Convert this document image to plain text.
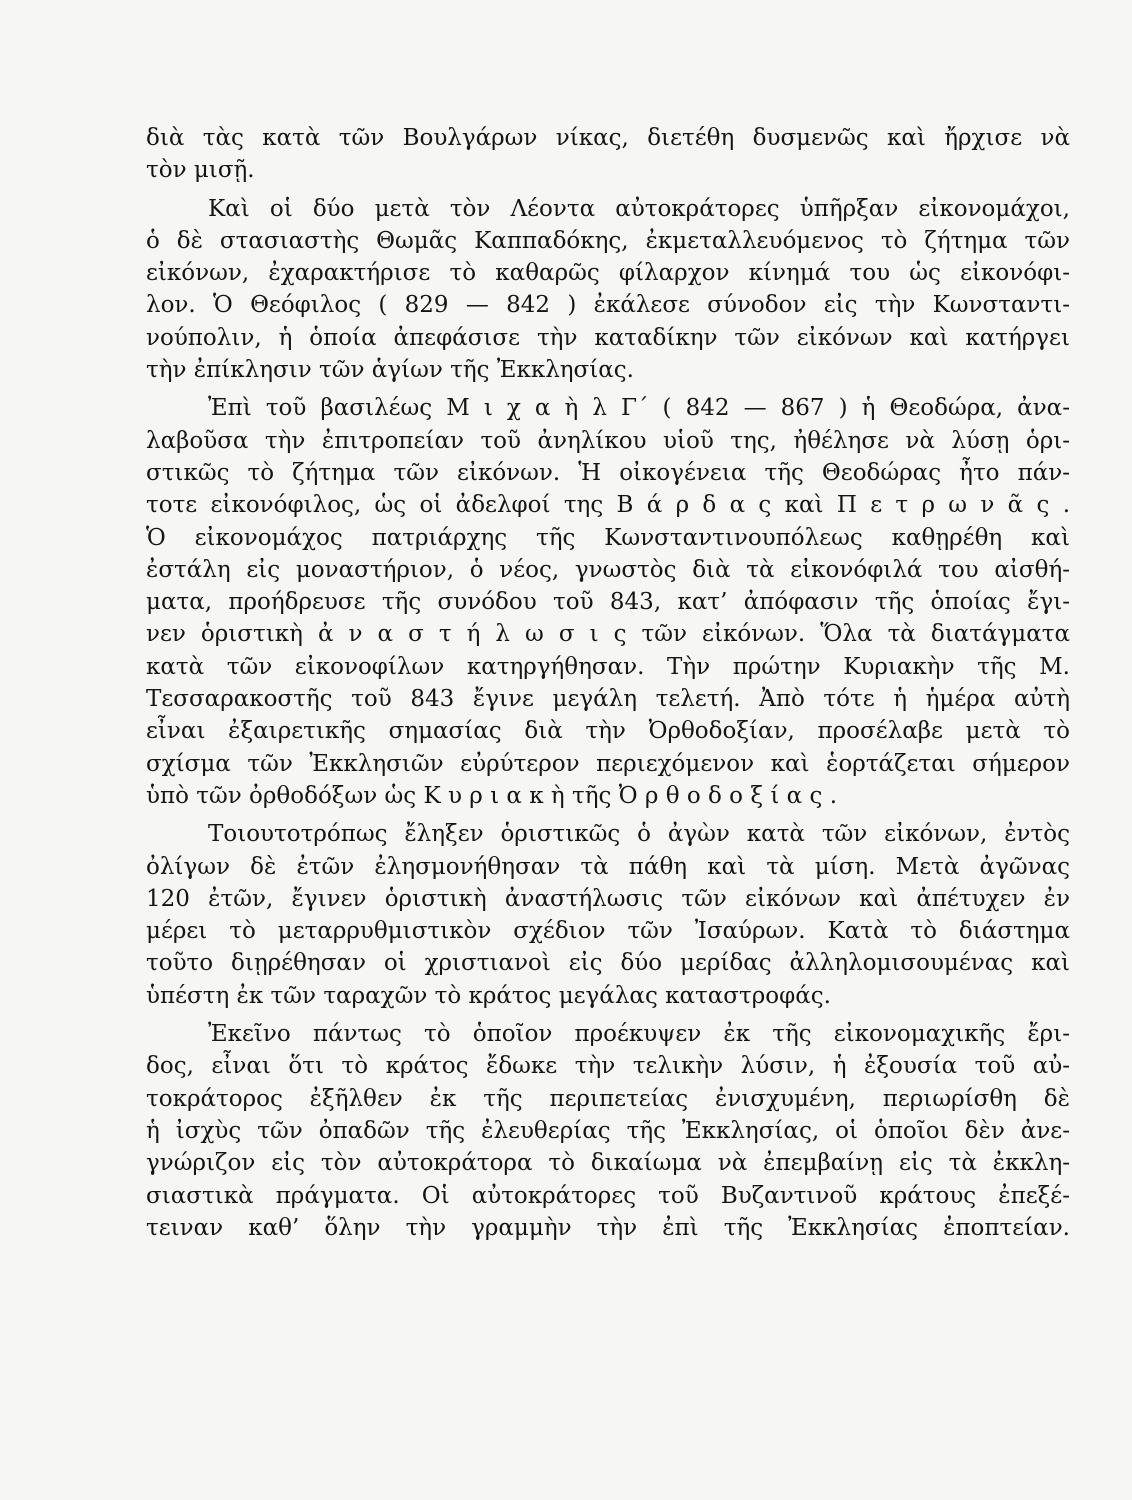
διὰ τὰς κατὰ τῶν Βουλγάρων νίκας, διετέθη δυσμενῶς καὶ ἤρχισε νὰ
τὸν μισῇ.
Καὶ οἱ δύο μετὰ τὸν Λέοντα αὐτοκράτορες ὑπῆρξαν εἰκονομάχοι,
ὁ δὲ στασιαστὴς Θωμᾶς Καππαδόκης, ἐκμεταλλευόμενος τὸ ζήτημα τῶν
εἰκόνων, ἐχαρακτήρισε τὸ καθαρῶς φίλαρχον κίνημά του ὡς εἰκονόφι-
λον. Ὁ Θεόφιλος ( 829 — 842 ) ἐκάλεσε σύνοδον εἰς τὴν Κωνσταντι-
νούπολιν, ἡ ὁποία ἀπεφάσισε τὴν καταδίκην τῶν εἰκόνων καὶ κατήργει
τὴν ἐπίκλησιν τῶν ἁγίων τῆς Ἐκκλησίας.
Ἐπὶ τοῦ βασιλέως Μ ι χ α ὴ λ Γ΄ ( 842 — 867 ) ἡ Θεοδώρα, ἀνα-
λαβοῦσα τὴν ἐπιτροπείαν τοῦ ἀνηλίκου υἱοῦ της, ἠθέλησε νὰ λύσῃ ὁρι-
στικῶς τὸ ζήτημα τῶν εἰκόνων. Ἡ οἰκογένεια τῆς Θεοδώρας ἦτο πάν-
τοτε εἰκονόφιλος, ὡς οἱ ἀδελφοί της Β ά ρ δ α ς καὶ Π ε τ ρ ω ν ᾶ ς .
Ὁ εἰκονομάχος πατριάρχης τῆς Κωνσταντινουπόλεως καθῃρέθη καὶ
ἐστάλη εἰς μοναστήριον, ὁ νέος, γνωστὸς διὰ τὰ εἰκονόφιλά του αἰσθή-
ματα, προήδρευσε τῆς συνόδου τοῦ 843, κατ’ ἀπόφασιν τῆς ὁποίας ἔγι-
νεν ὁριστικὴ ἀ ν α σ τ ή λ ω σ ι ς τῶν εἰκόνων. Ὅλα τὰ διατάγματα
κατὰ τῶν εἰκονοφίλων κατηργήθησαν. Τὴν πρώτην Κυριακὴν τῆς Μ.
Τεσσαρακοστῆς τοῦ 843 ἔγινε μεγάλη τελετή. Ἀπὸ τότε ἡ ἡμέρα αὐτὴ
εἶναι ἐξαιρετικῆς σημασίας διὰ τὴν Ὀρθοδοξίαν, προσέλαβε μετὰ τὸ
σχίσμα τῶν Ἐκκλησιῶν εὐρύτερον περιεχόμενον καὶ ἑορτάζεται σήμερον
ὑπὸ τῶν ὀρθοδόξων ὡς Κ υ ρ ι α κ ὴ τῆς Ὀ ρ θ ο δ ο ξ ί α ς .
Τοιουτοτρόπως ἔληξεν ὁριστικῶς ὁ ἀγὼν κατὰ τῶν εἰκόνων, ἐντὸς
ὀλίγων δὲ ἐτῶν ἐλησμονήθησαν τὰ πάθη καὶ τὰ μίση. Μετὰ ἀγῶνας
120 ἐτῶν, ἔγινεν ὁριστικὴ ἀναστήλωσις τῶν εἰκόνων καὶ ἀπέτυχεν ἐν
μέρει τὸ μεταρρυθμιστικὸν σχέδιον τῶν Ἰσαύρων. Κατὰ τὸ διάστημα
τοῦτο διῃρέθησαν οἱ χριστιανοὶ εἰς δύο μερίδας ἀλληλομισουμένας καὶ
ὑπέστη ἐκ τῶν ταραχῶν τὸ κράτος μεγάλας καταστροφάς.
Ἐκεῖνο πάντως τὸ ὁποῖον προέκυψεν ἐκ τῆς εἰκονομαχικῆς ἔρι-
δος, εἶναι ὅτι τὸ κράτος ἔδωκε τὴν τελικὴν λύσιν, ἡ ἐξουσία τοῦ αὐ-
τοκράτορος ἐξῆλθεν ἐκ τῆς περιπετείας ἐνισχυμένη, περιωρίσθη δὲ
ἡ ἰσχὺς τῶν ὀπαδῶν τῆς ἐλευθερίας τῆς Ἐκκλησίας, οἱ ὁποῖοι δὲν ἀνε-
γνώριζον εἰς τὸν αὐτοκράτορα τὸ δικαίωμα νὰ ἐπεμβαίνῃ εἰς τὰ ἐκκλη-
σιαστικὰ πράγματα. Οἱ αὐτοκράτορες τοῦ Βυζαντινοῦ κράτους ἐπεξέ-
τειναν καθ’ ὅλην τὴν γραμμὴν τὴν ἐπὶ τῆς Ἐκκλησίας ἐποπτείαν.
